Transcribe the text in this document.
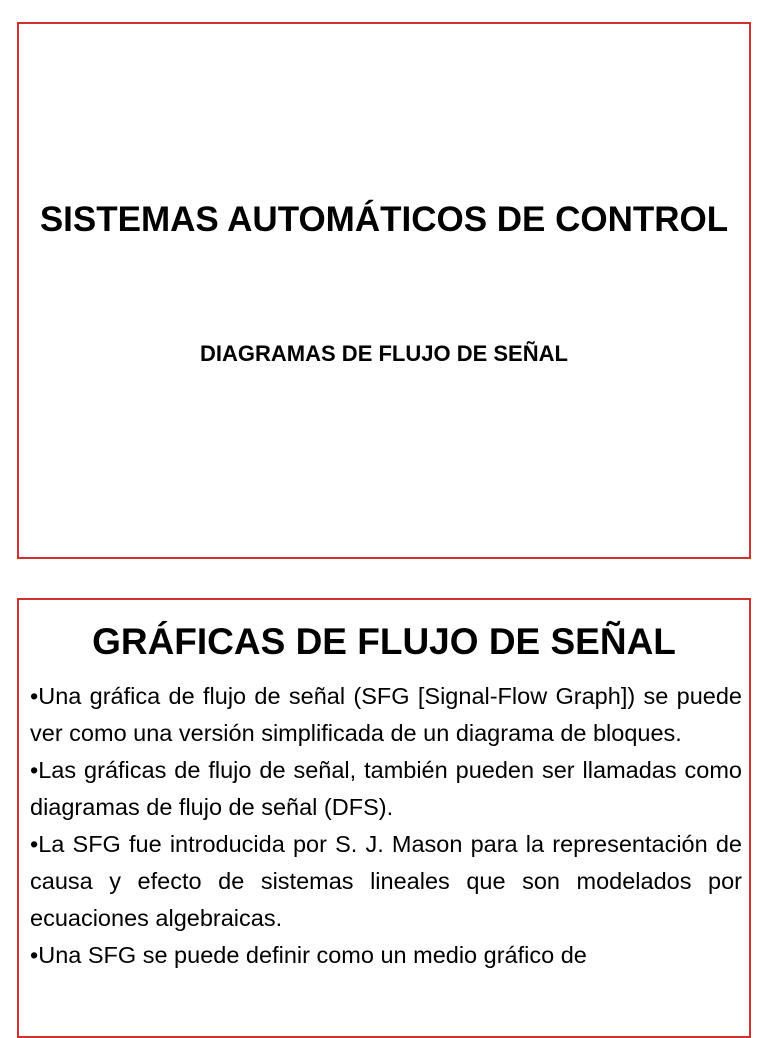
SISTEMAS AUTOMÁTICOS DE CONTROL
DIAGRAMAS DE FLUJO DE SEÑAL
GRÁFICAS DE FLUJO DE SEÑAL
•Una gráfica de flujo de señal (SFG [Signal-Flow Graph]) se puede ver como una versión simplificada de un diagrama de bloques.
•Las gráficas de flujo de señal, también pueden ser llamadas como diagramas de flujo de señal (DFS).
•La SFG fue introducida por S. J. Mason para la representación de causa y efecto de sistemas lineales que son modelados por ecuaciones algebraicas.
•Una SFG se puede definir como un medio gráfico de
